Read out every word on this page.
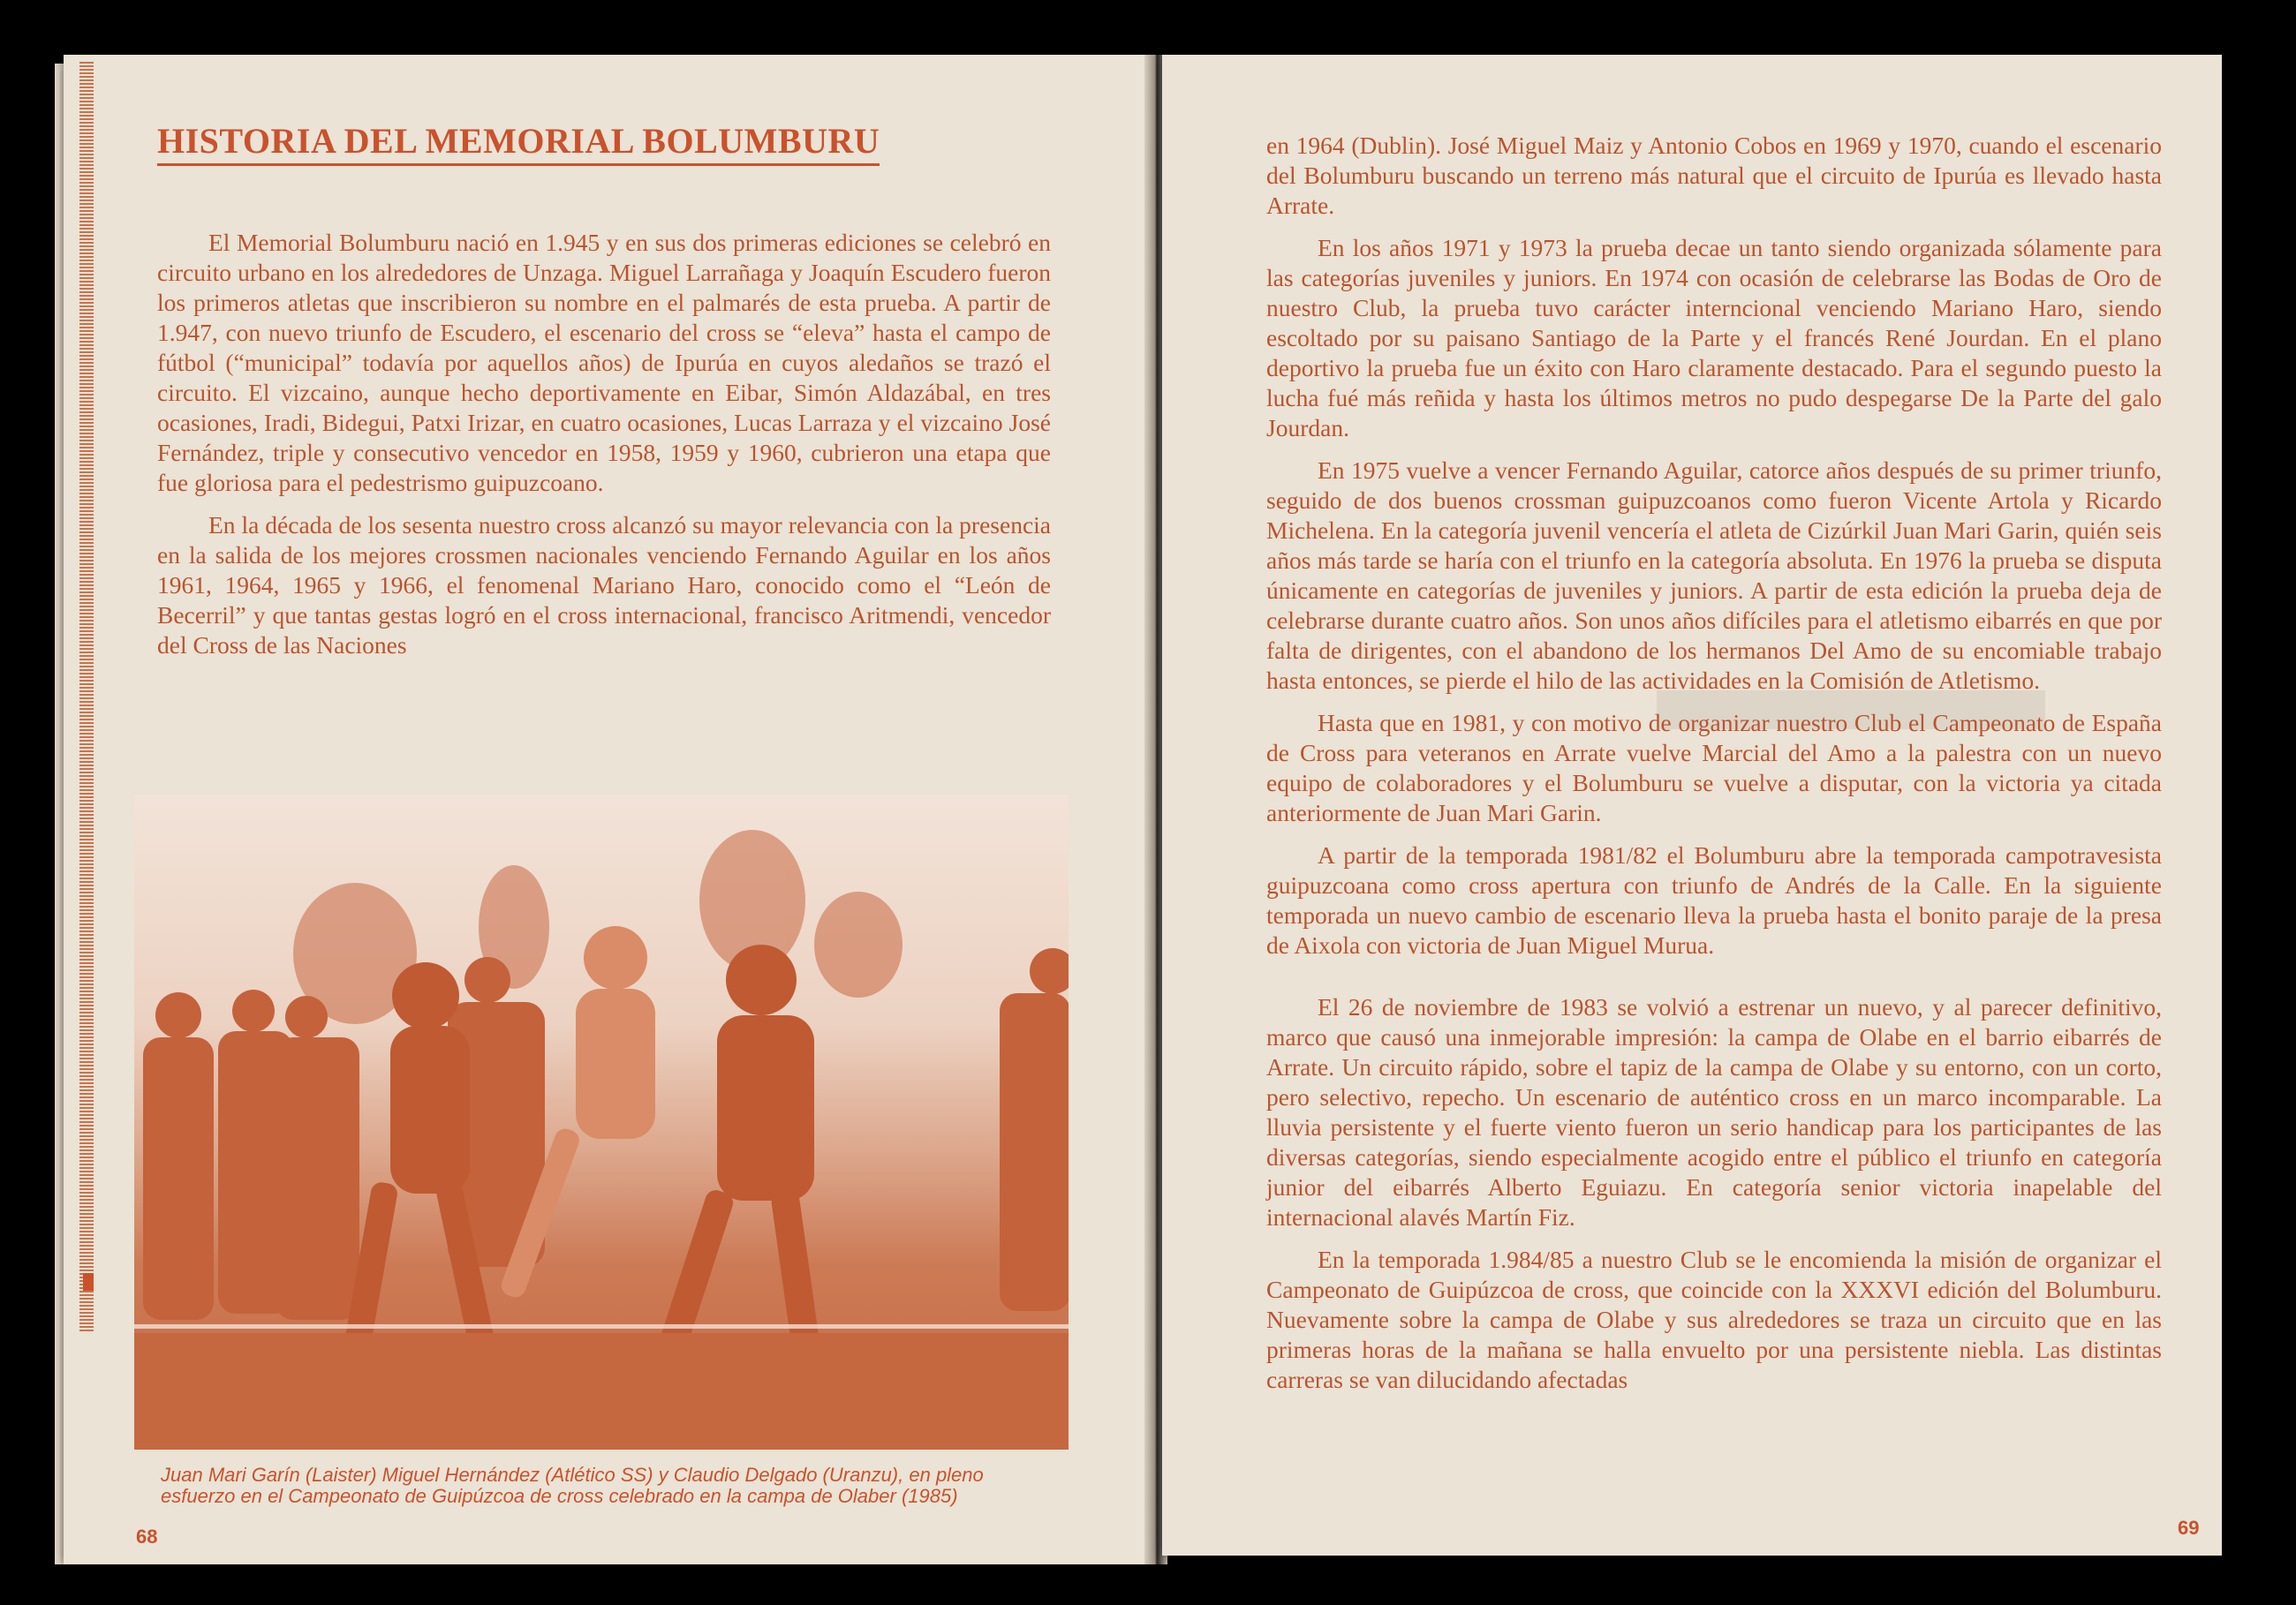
HISTORIA DEL MEMORIAL BOLUMBURU

El Memorial Bolumburu nació en 1.945 y en sus dos primeras ediciones se celebró en circuito urbano en los alrededores de Unzaga. Miguel Larrañaga y Joaquín Escudero fueron los primeros atletas que inscribieron su nombre en el palmarés de esta prueba. A partir de 1.947, con nuevo triunfo de Escudero, el escenario del cross se “eleva” hasta el campo de fútbol (“municipal” todavía por aquellos años) de Ipurúa en cuyos aledaños se trazó el circuito. El vizcaino, aunque hecho deportivamente en Eibar, Simón Aldazábal, en tres ocasiones, Iradi, Bidegui, Patxi Irizar, en cuatro ocasiones, Lucas Larraza y el vizcaino José Fernández, triple y consecutivo vencedor en 1958, 1959 y 1960, cubrieron una etapa que fue gloriosa para el pedestrismo guipuzcoano.

En la década de los sesenta nuestro cross alcanzó su mayor relevancia con la presencia en la salida de los mejores crossmen nacionales venciendo Fernando Aguilar en los años 1961, 1964, 1965 y 1966, el fenomenal Mariano Haro, conocido como el “León de Becerril” y que tantas gestas logró en el cross internacional, francisco Aritmendi, vencedor del Cross de las Naciones

Juan Mari Garín (Laister) Miguel Hernández (Atlético SS) y Claudio Delgado (Uranzu), en pleno esfuerzo en el Campeonato de Guipúzcoa de cross celebrado en la campa de Olaber (1985)

68

en 1964 (Dublin). José Miguel Maiz y Antonio Cobos en 1969 y 1970, cuando el escenario del Bolumburu buscando un terreno más natural que el circuito de Ipurúa es llevado hasta Arrate.

En los años 1971 y 1973 la prueba decae un tanto siendo organizada sólamente para las categorías juveniles y juniors. En 1974 con ocasión de celebrarse las Bodas de Oro de nuestro Club, la prueba tuvo carácter interncional venciendo Mariano Haro, siendo escoltado por su paisano Santiago de la Parte y el francés René Jourdan. En el plano deportivo la prueba fue un éxito con Haro claramente destacado. Para el segundo puesto la lucha fué más reñida y hasta los últimos metros no pudo despegarse De la Parte del galo Jourdan.

En 1975 vuelve a vencer Fernando Aguilar, catorce años después de su primer triunfo, seguido de dos buenos crossman guipuzcoanos como fueron Vicente Artola y Ricardo Michelena. En la categoría juvenil vencería el atleta de Cizúrkil Juan Mari Garin, quién seis años más tarde se haría con el triunfo en la categoría absoluta. En 1976 la prueba se disputa únicamente en categorías de juveniles y juniors. A partir de esta edición la prueba deja de celebrarse durante cuatro años. Son unos años difíciles para el atletismo eibarrés en que por falta de dirigentes, con el abandono de los hermanos Del Amo de su encomiable trabajo hasta entonces, se pierde el hilo de las actividades en la Comisión de Atletismo.

Hasta que en 1981, y con motivo de organizar nuestro Club el Campeonato de España de Cross para veteranos en Arrate vuelve Marcial del Amo a la palestra con un nuevo equipo de colaboradores y el Bolumburu se vuelve a disputar, con la victoria ya citada anteriormente de Juan Mari Garin.

A partir de la temporada 1981/82 el Bolumburu abre la temporada campotravesista guipuzcoana como cross apertura con triunfo de Andrés de la Calle. En la siguiente temporada un nuevo cambio de escenario lleva la prueba hasta el bonito paraje de la presa de Aixola con victoria de Juan Miguel Murua.

El 26 de noviembre de 1983 se volvió a estrenar un nuevo, y al parecer definitivo, marco que causó una inmejorable impresión: la campa de Olabe en el barrio eibarrés de Arrate. Un circuito rápido, sobre el tapiz de la campa de Olabe y su entorno, con un corto, pero selectivo, repecho. Un escenario de auténtico cross en un marco incomparable. La lluvia persistente y el fuerte viento fueron un serio handicap para los participantes de las diversas categorías, siendo especialmente acogido entre el público el triunfo en categoría junior del eibarrés Alberto Eguiazu. En categoría senior victoria inapelable del internacional alavés Martín Fiz.

En la temporada 1.984/85 a nuestro Club se le encomienda la misión de organizar el Campeonato de Guipúzcoa de cross, que coincide con la XXXVI edición del Bolumburu. Nuevamente sobre la campa de Olabe y sus alrededores se traza un circuito que en las primeras horas de la mañana se halla envuelto por una persistente niebla. Las distintas carreras se van dilucidando afectadas

69
